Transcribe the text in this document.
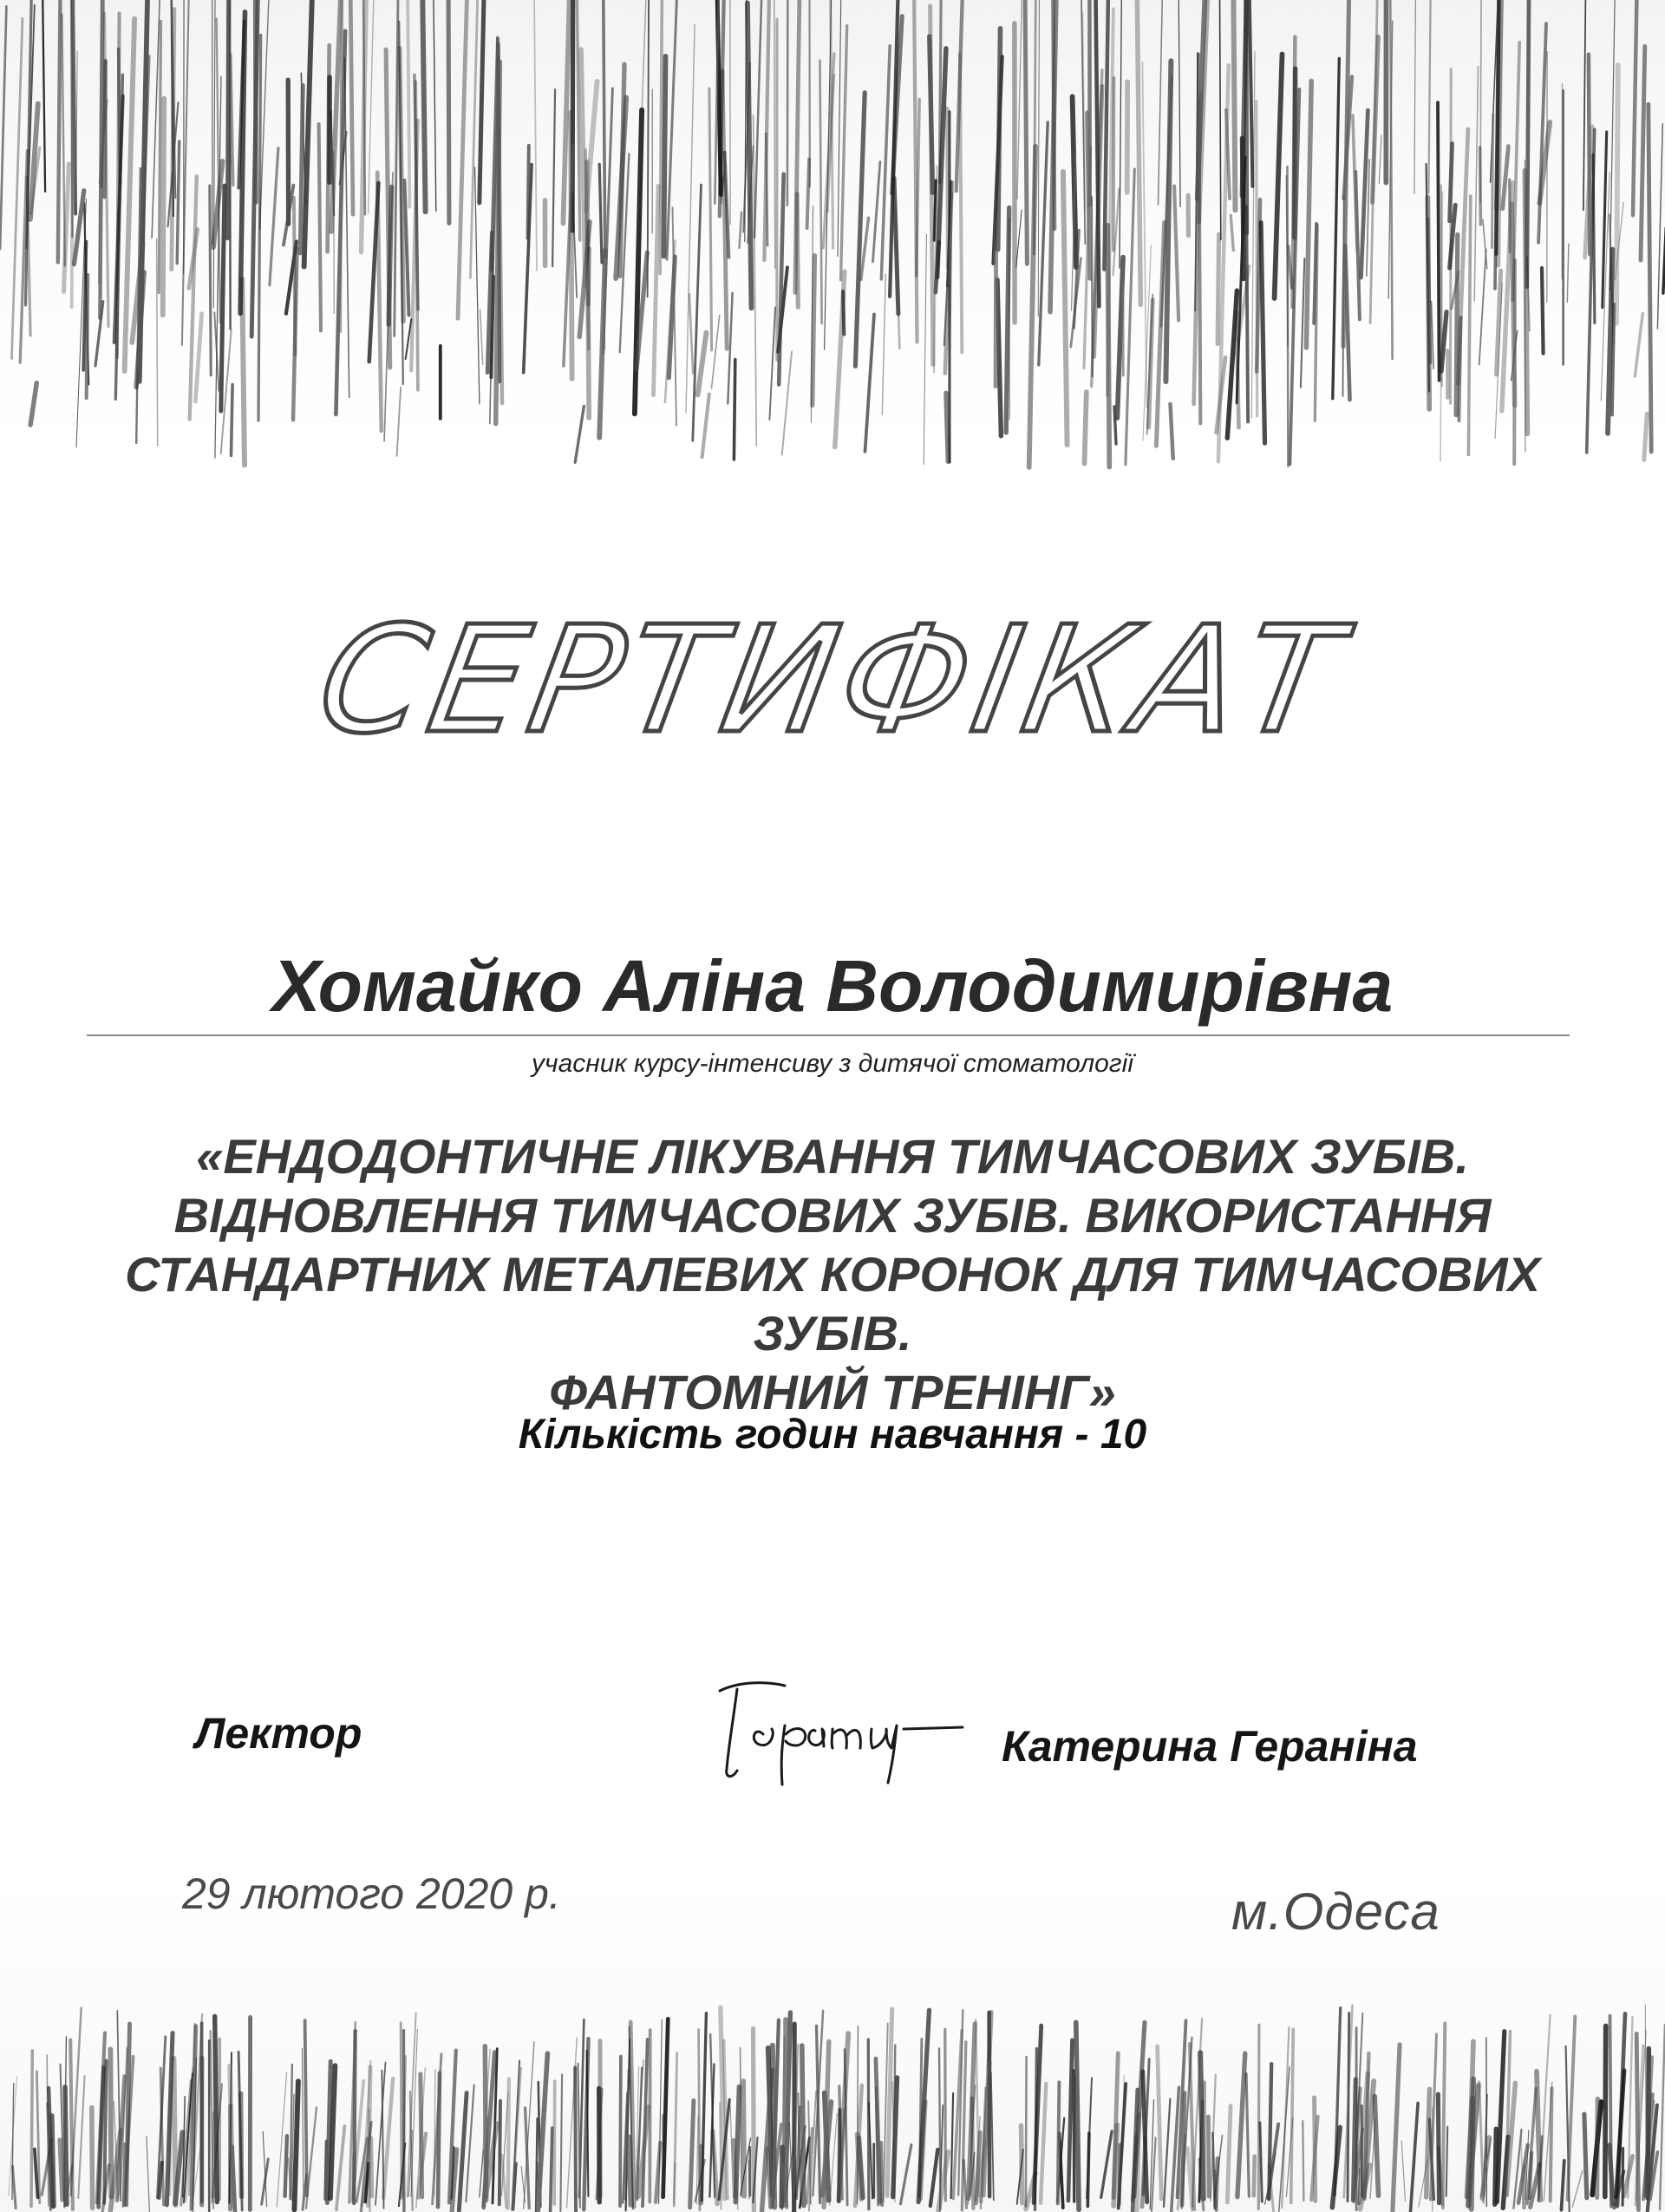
СЕРТИФІКАТ
Хомайко Аліна Володимирівна
учасник курсу-інтенсиву з дитячої стоматології
«ЕНДОДОНТИЧНЕ ЛІКУВАННЯ ТИМЧАСОВИХ ЗУБІВ.
ВІДНОВЛЕННЯ ТИМЧАСОВИХ ЗУБІВ. ВИКОРИСТАННЯ
СТАНДАРТНИХ МЕТАЛЕВИХ КОРОНОК ДЛЯ ТИМЧАСОВИХ ЗУБІВ.
ФАНТОМНИЙ ТРЕНІНГ»
Кількість годин навчання - 10
Лектор	Катерина Гераніна
29 лютого 2020 р.	м.Одеса
